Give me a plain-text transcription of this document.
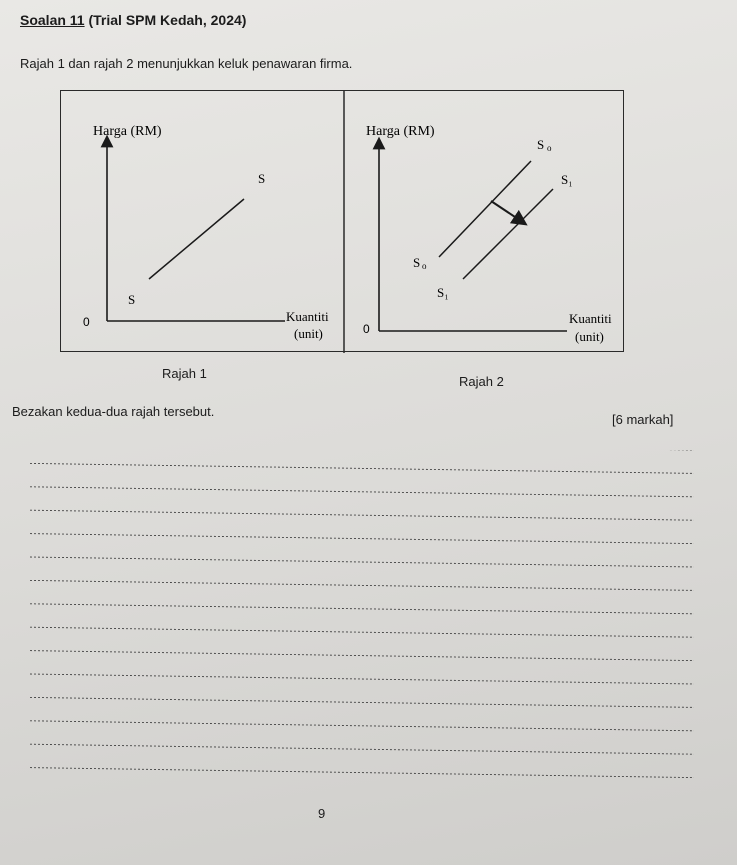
Soalan 11 (Trial SPM Kedah, 2024)
Rajah 1 dan rajah 2 menunjukkan keluk penawaran firma.
Harga (RM)
S
S
0	Kuantiti
(unit)
Harga (RM)
S o
S₁
S o
S₁
0
Kuantiti
(unit)
Rajah 1
Rajah 2
Bezakan kedua-dua rajah tersebut.
[6 markah]
9
